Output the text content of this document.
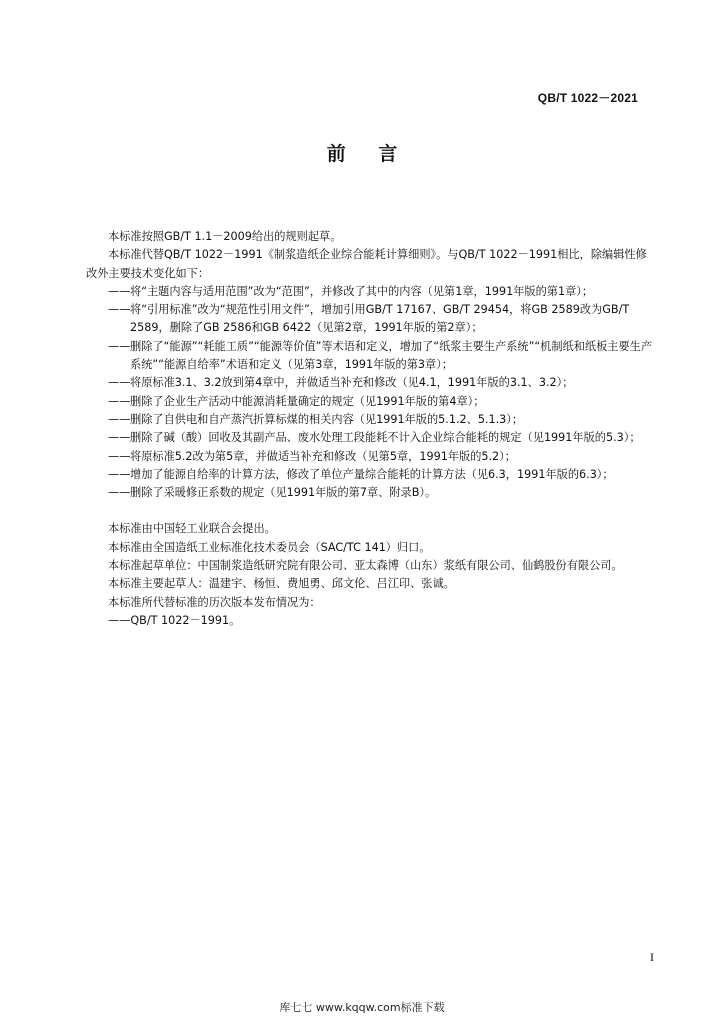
QB/T 1022－2021
前 言

本标准按照GB/T 1.1－2009给出的规则起草。

本标准代替QB/T 1022－1991《制浆造纸企业综合能耗计算细则》。与QB/T 1022－1991相比，除编辑性修改外主要技术变化如下：

—— 将“主题内容与适用范围”改为“范围”，并修改了其中的内容（见第1章，1991年版的第1章）；

—— 将“引用标准”改为“规范性引用文件”，增加引用GB/T 17167、GB/T 29454，将GB 2589改为GB/T 2589，删除了GB 2586和GB 6422（见第2章，1991年版的第2章）；

—— 删除了“能源”“耗能工质”“能源等价值”等术语和定义，增加了“纸浆主要生产系统”“机制纸和纸板主要生产系统”“能源自给率”术语和定义（见第3章，1991年版的第3章）；

—— 将原标准3.1、3.2放到第4章中，并做适当补充和修改（见4.1，1991年版的3.1、3.2）；

—— 删除了企业生产活动中能源消耗量确定的规定（见1991年版的第4章）；

—— 删除了自供电和自产蒸汽折算标煤的相关内容（见1991年版的5.1.2、5.1.3）；

—— 删除了碱（酸）回收及其副产品、废水处理工段能耗不计入企业综合能耗的规定（见1991年版的5.3）；

—— 将原标准5.2改为第5章，并做适当补充和修改（见第5章，1991年版的5.2）；

—— 增加了能源自给率的计算方法，修改了单位产量综合能耗的计算方法（见6.3，1991年版的6.3）；

—— 删除了采暖修正系数的规定（见1991年版的第7章、附录B）。

本标准由中国轻工业联合会提出。

本标准由全国造纸工业标准化技术委员会（SAC/TC 141）归口。

本标准起草单位：中国制浆造纸研究院有限公司、亚太森博（山东）浆纸有限公司、仙鹤股份有限公司。

本标准主要起草人：温建宇、杨恒、费旭勇、邱文伦、吕江印、张诚。

本标准所代替标准的历次版本发布情况为：

——QB/T 1022－1991。

I
库七七 www.kqqw.com标准下载
